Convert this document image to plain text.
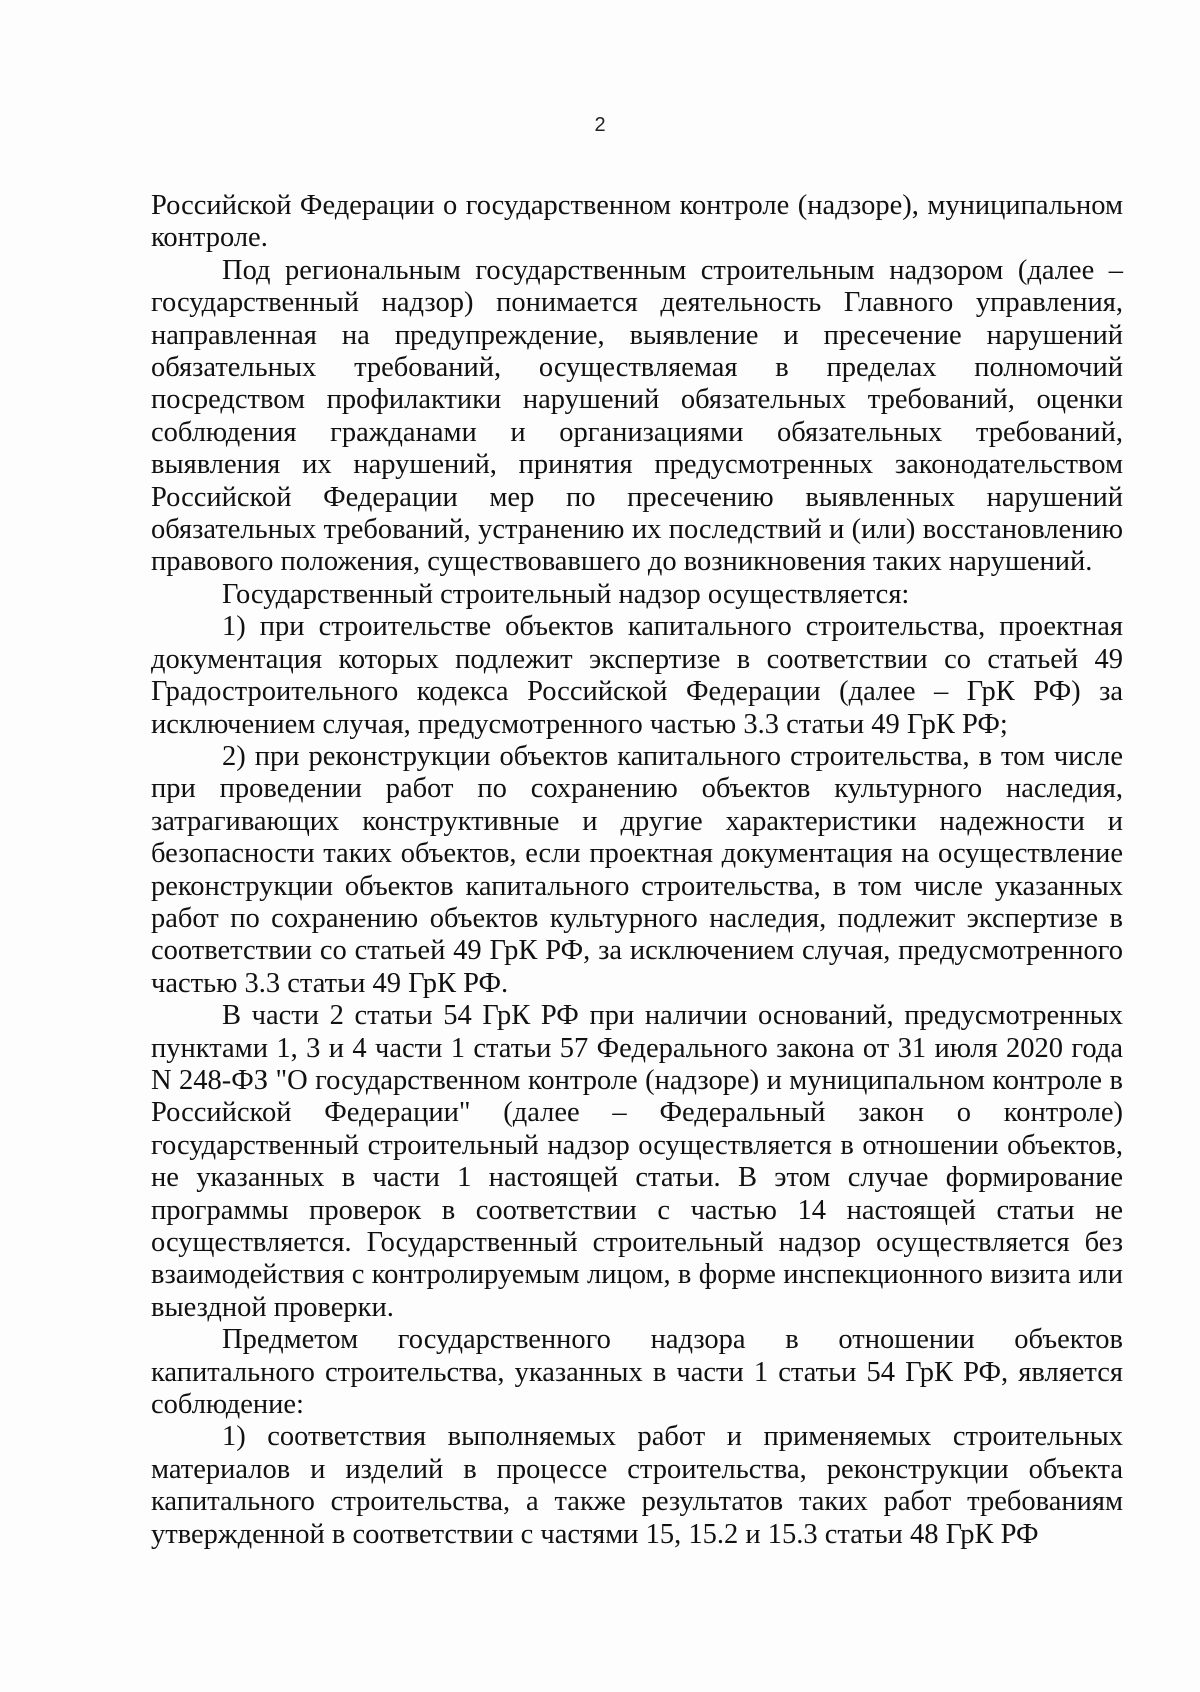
2

Российской Федерации о государственном контроле (надзоре), муниципальном контроле.

Под региональным государственным строительным надзором (далее – государственный надзор) понимается деятельность Главного управления, направленная на предупреждение, выявление и пресечение нарушений обязательных требований, осуществляемая в пределах полномочий посредством профилактики нарушений обязательных требований, оценки соблюдения гражданами и организациями обязательных требований, выявления их нарушений, принятия предусмотренных законодательством Российской Федерации мер по пресечению выявленных нарушений обязательных требований, устранению их последствий и (или) восстановлению правового положения, существовавшего до возникновения таких нарушений.

Государственный строительный надзор осуществляется:

1) при строительстве объектов капитального строительства, проектная документация которых подлежит экспертизе в соответствии со статьей 49 Градостроительного кодекса Российской Федерации (далее – ГрК РФ) за исключением случая, предусмотренного частью 3.3 статьи 49 ГрК РФ;

2) при реконструкции объектов капитального строительства, в том числе при проведении работ по сохранению объектов культурного наследия, затрагивающих конструктивные и другие характеристики надежности и безопасности таких объектов, если проектная документация на осуществление реконструкции объектов капитального строительства, в том числе указанных работ по сохранению объектов культурного наследия, подлежит экспертизе в соответствии со статьей 49 ГрК РФ, за исключением случая, предусмотренного частью 3.3 статьи 49 ГрК РФ.

В части 2 статьи 54 ГрК РФ при наличии оснований, предусмотренных пунктами 1, 3 и 4 части 1 статьи 57 Федерального закона от 31 июля 2020 года N 248-ФЗ "О государственном контроле (надзоре) и муниципальном контроле в Российской Федерации" (далее – Федеральный закон о контроле) государственный строительный надзор осуществляется в отношении объектов, не указанных в части 1 настоящей статьи. В этом случае формирование программы проверок в соответствии с частью 14 настоящей статьи не осуществляется. Государственный строительный надзор осуществляется без взаимодействия с контролируемым лицом, в форме инспекционного визита или выездной проверки.

Предметом государственного надзора в отношении объектов капитального строительства, указанных в части 1 статьи 54 ГрК РФ, является соблюдение:

1) соответствия выполняемых работ и применяемых строительных материалов и изделий в процессе строительства, реконструкции объекта капитального строительства, а также результатов таких работ требованиям утвержденной в соответствии с частями 15, 15.2 и 15.3 статьи 48 ГрК РФ
